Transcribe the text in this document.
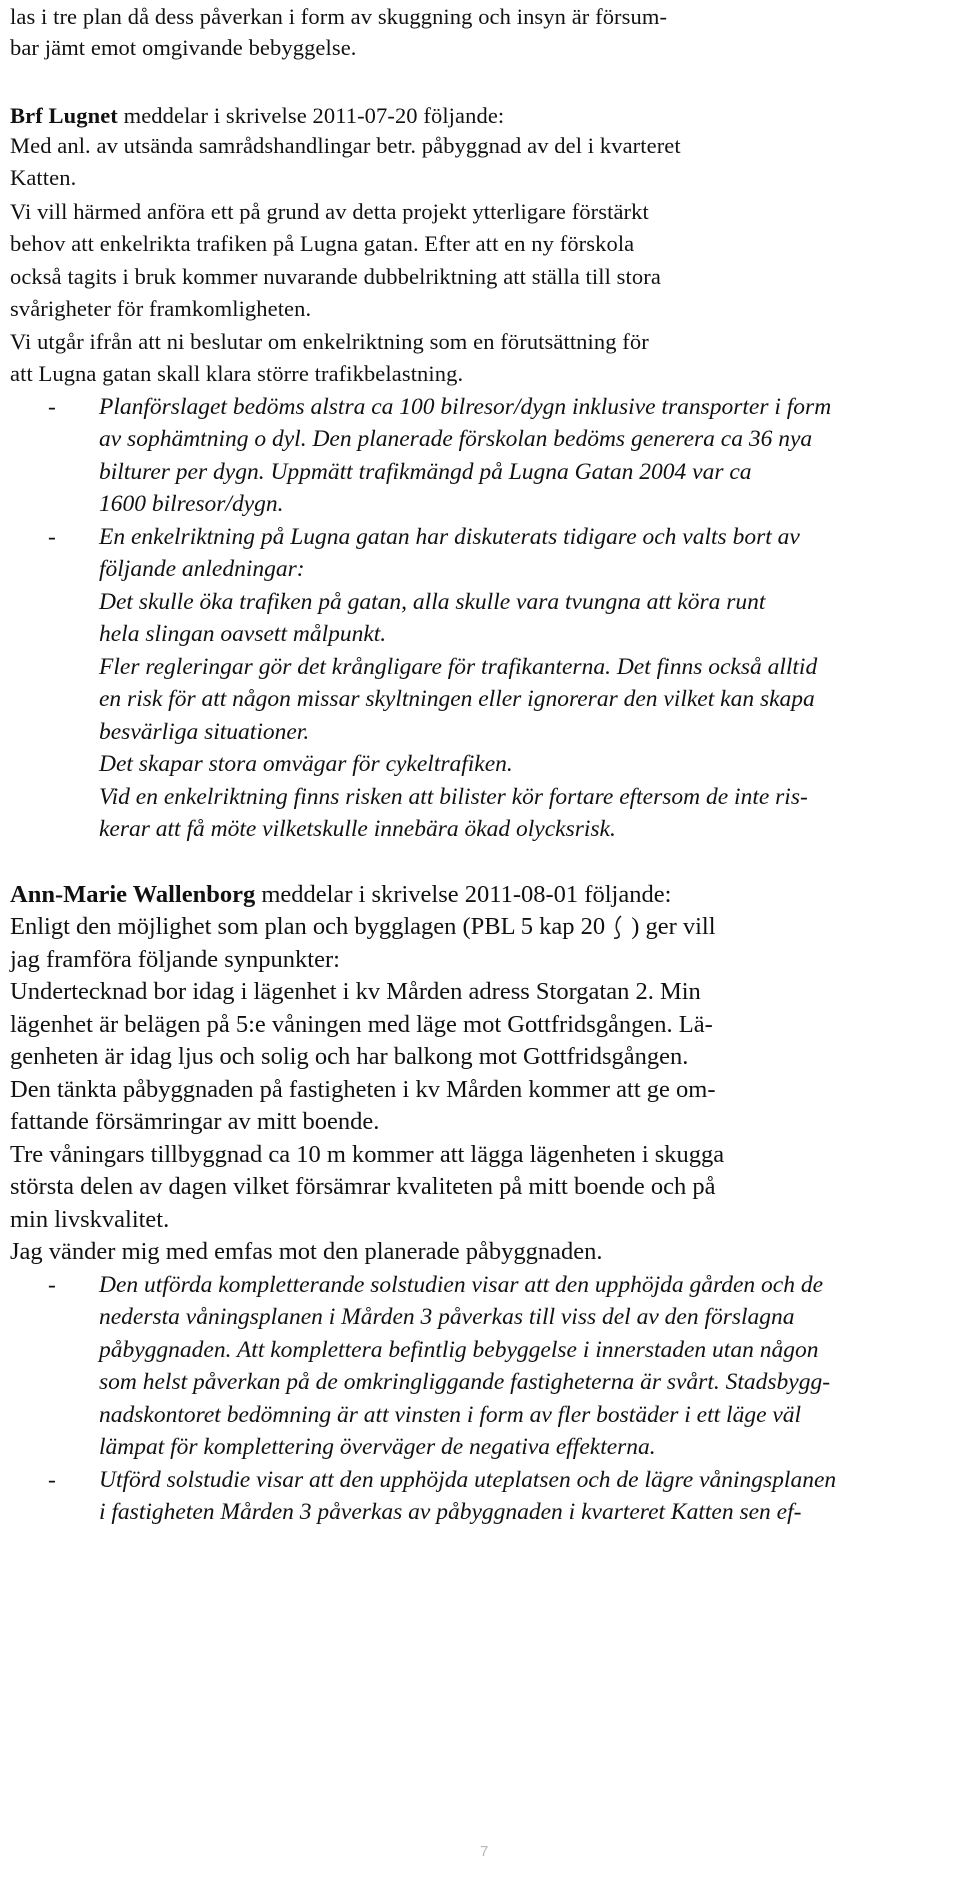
las i tre plan då dess påverkan i form av skuggning och insyn är försum-
bar jämt emot omgivande bebyggelse.
Brf Lugnet meddelar i skrivelse 2011-07-20 följande:
Med anl. av utsända samrådshandlingar betr. påbyggnad av del i kvarteret
Katten.
Vi vill härmed anföra ett på grund av detta projekt ytterligare förstärkt
behov att enkelrikta trafiken på Lugna gatan. Efter att en ny förskola
också tagits i bruk kommer nuvarande dubbelriktning att ställa till stora
svårigheter för framkomligheten.
Vi utgår ifrån att ni beslutar om enkelriktning som en förutsättning för
att Lugna gatan skall klara större trafikbelastning.
- Planförslaget bedöms alstra ca 100 bilresor/dygn inklusive transporter i form
av sophämtning o dyl. Den planerade förskolan bedöms generera ca 36 nya
bilturer per dygn. Uppmätt trafikmängd på Lugna Gatan 2004 var ca
1600 bilresor/dygn.
- En enkelriktning på Lugna gatan har diskuterats tidigare och valts bort av
följande anledningar:
Det skulle öka trafiken på gatan, alla skulle vara tvungna att köra runt
hela slingan oavsett målpunkt.
Fler regleringar gör det krångligare för trafikanterna. Det finns också alltid
en risk för att någon missar skyltningen eller ignorerar den vilket kan skapa
besvärliga situationer.
Det skapar stora omvägar för cykeltrafiken.
Vid en enkelriktning finns risken att bilister kör fortare eftersom de inte ris-
kerar att få möte vilketskulle innebära ökad olycksrisk.
Ann-Marie Wallenborg meddelar i skrivelse 2011-08-01 följande:
Enligt den möjlighet som plan och bygglagen (PBL 5 kap 20 ) ger vill
jag framföra följande synpunkter:
Undertecknad bor idag i lägenhet i kv Mården adress Storgatan 2. Min
lägenhet är belägen på 5:e våningen med läge mot Gottfridsgången. Lä-
genheten är idag ljus och solig och har balkong mot Gottfridsgången.
Den tänkta påbyggnaden på fastigheten i kv Mården kommer att ge om-
fattande försämringar av mitt boende.
Tre våningars tillbyggnad ca 10 m kommer att lägga lägenheten i skugga
största delen av dagen vilket försämrar kvaliteten på mitt boende och på
min livskvalitet.
Jag vänder mig med emfas mot den planerade påbyggnaden.
- Den utförda kompletterande solstudien visar att den upphöjda gården och de
nedersta våningsplanen i Mården 3 påverkas till viss del av den förslagna
påbyggnaden. Att komplettera befintlig bebyggelse i innerstaden utan någon
som helst påverkan på de omkringliggande fastigheterna är svårt. Stadsbygg-
nadskontoret bedömning är att vinsten i form av fler bostäder i ett läge väl
lämpat för komplettering överväger de negativa effekterna.
- Utförd solstudie visar att den upphöjda uteplatsen och de lägre våningsplanen
i fastigheten Mården 3 påverkas av påbyggnaden i kvarteret Katten sen ef-
7
